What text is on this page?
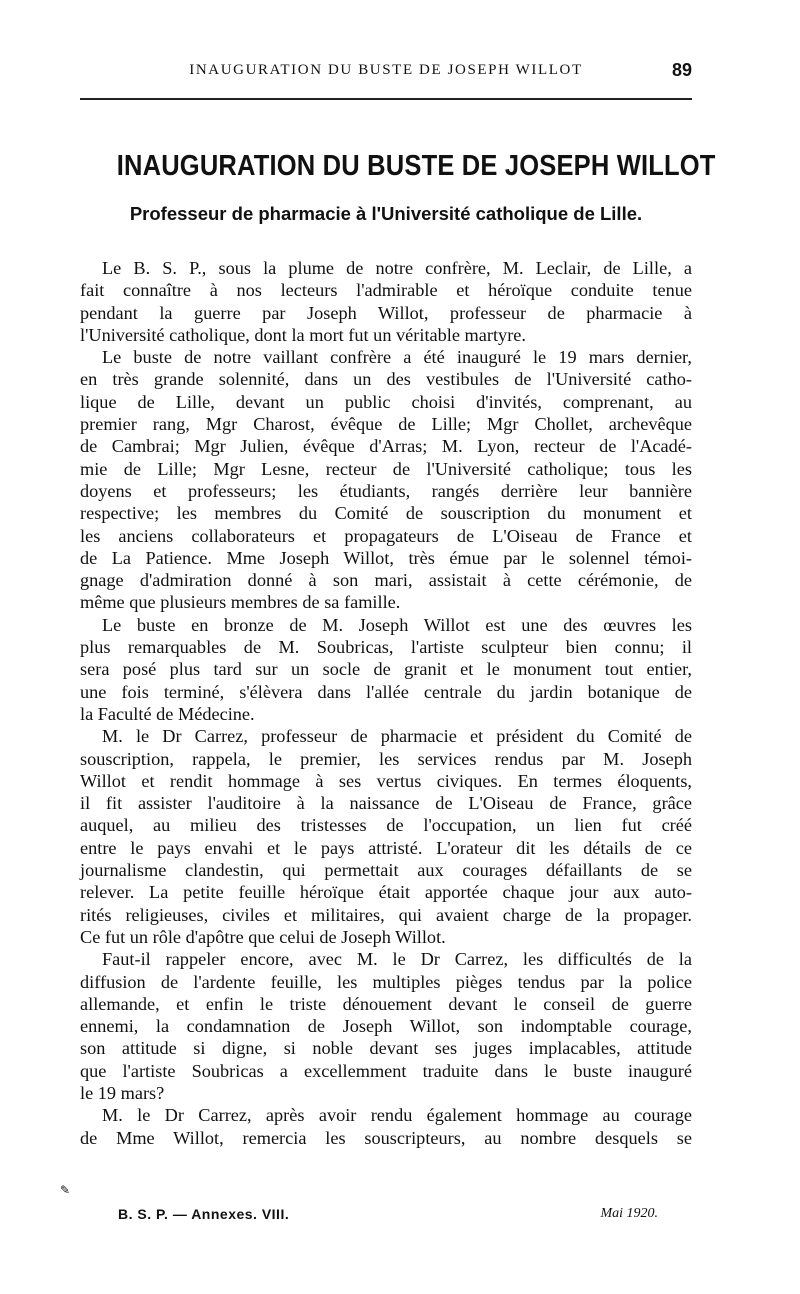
INAUGURATION DU BUSTE DE JOSEPH WILLOT	89
INAUGURATION DU BUSTE DE JOSEPH WILLOT
Professeur de pharmacie à l'Université catholique de Lille.
Le B. S. P., sous la plume de notre confrère, M. Leclair, de Lille, a
fait connaître à nos lecteurs l'admirable et héroïque conduite tenue
pendant la guerre par Joseph Willot, professeur de pharmacie à
l'Université catholique, dont la mort fut un véritable martyre.
Le buste de notre vaillant confrère a été inauguré le 19 mars dernier,
en très grande solennité, dans un des vestibules de l'Université catho-
lique de Lille, devant un public choisi d'invités, comprenant, au
premier rang, Mgr Charost, évêque de Lille; Mgr Chollet, archevêque
de Cambrai; Mgr Julien, évêque d'Arras; M. Lyon, recteur de l'Acadé-
mie de Lille; Mgr Lesne, recteur de l'Université catholique; tous les
doyens et professeurs; les étudiants, rangés derrière leur bannière
respective; les membres du Comité de souscription du monument et
les anciens collaborateurs et propagateurs de L'Oiseau de France et
de La Patience. Mme Joseph Willot, très émue par le solennel témoi-
gnage d'admiration donné à son mari, assistait à cette cérémonie, de
même que plusieurs membres de sa famille.
Le buste en bronze de M. Joseph Willot est une des œuvres les
plus remarquables de M. Soubricas, l'artiste sculpteur bien connu; il
sera posé plus tard sur un socle de granit et le monument tout entier,
une fois terminé, s'élèvera dans l'allée centrale du jardin botanique de
la Faculté de Médecine.
M. le Dr Carrez, professeur de pharmacie et président du Comité de
souscription, rappela, le premier, les services rendus par M. Joseph
Willot et rendit hommage à ses vertus civiques. En termes éloquents,
il fit assister l'auditoire à la naissance de L'Oiseau de France, grâce
auquel, au milieu des tristesses de l'occupation, un lien fut créé
entre le pays envahi et le pays attristé. L'orateur dit les détails de ce
journalisme clandestin, qui permettait aux courages défaillants de se
relever. La petite feuille héroïque était apportée chaque jour aux auto-
rités religieuses, civiles et militaires, qui avaient charge de la propager.
Ce fut un rôle d'apôtre que celui de Joseph Willot.
Faut-il rappeler encore, avec M. le Dr Carrez, les difficultés de la
diffusion de l'ardente feuille, les multiples pièges tendus par la police
allemande, et enfin le triste dénouement devant le conseil de guerre
ennemi, la condamnation de Joseph Willot, son indomptable courage,
son attitude si digne, si noble devant ses juges implacables, attitude
que l'artiste Soubricas a excellemment traduite dans le buste inauguré
le 19 mars?
M. le Dr Carrez, après avoir rendu également hommage au courage
de Mme Willot, remercia les souscripteurs, au nombre desquels se
✎
B. S. P. — Annexes. VIII.	Mai 1920.
